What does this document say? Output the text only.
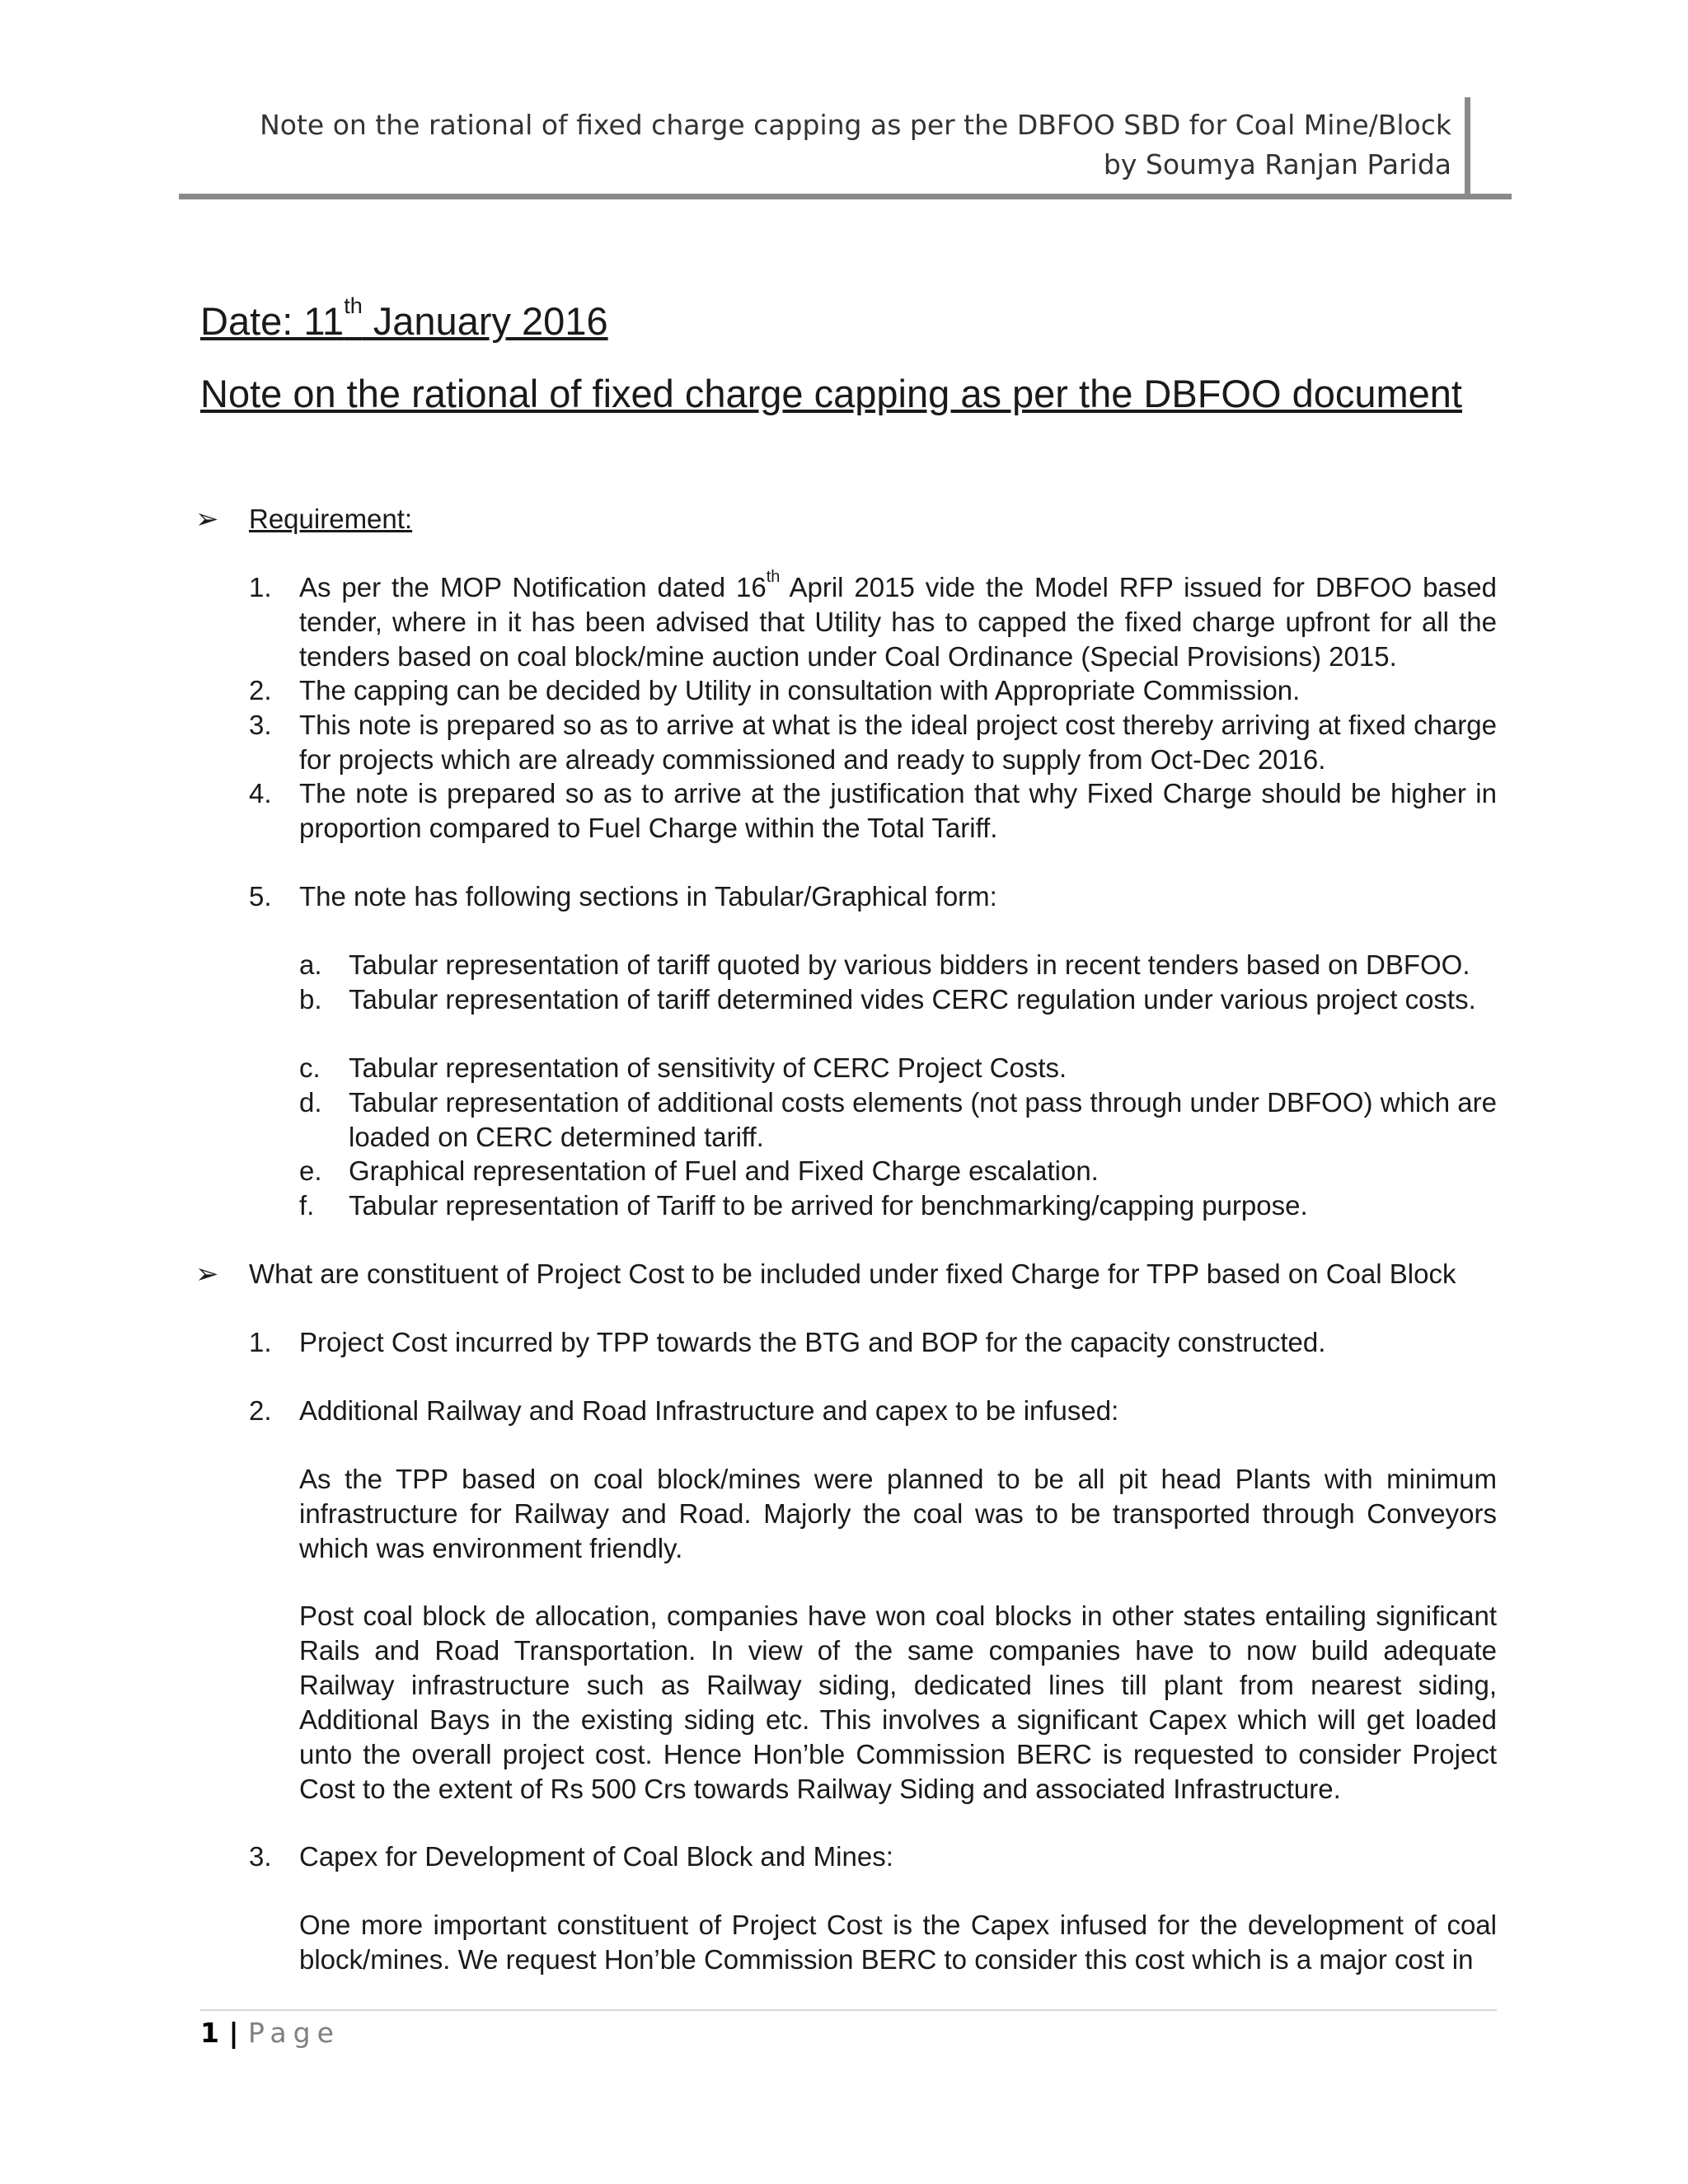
Note on the rational of fixed charge capping as per the DBFOO SBD for Coal Mine/Block
by Soumya Ranjan Parida
Date: 11th January 2016
Note on the rational of fixed charge capping as per the DBFOO document
➢ Requirement:
1. As per the MOP Notification dated 16th April 2015 vide the Model RFP issued for DBFOO based tender, where in it has been advised that Utility has to capped the fixed charge upfront for all the tenders based on coal block/mine auction under Coal Ordinance (Special Provisions) 2015.
2. The capping can be decided by Utility in consultation with Appropriate Commission.
3. This note is prepared so as to arrive at what is the ideal project cost thereby arriving at fixed charge for projects which are already commissioned and ready to supply from Oct-Dec 2016.
4. The note is prepared so as to arrive at the justification that why Fixed Charge should be higher in proportion compared to Fuel Charge within the Total Tariff.
5. The note has following sections in Tabular/Graphical form:
a. Tabular representation of tariff quoted by various bidders in recent tenders based on DBFOO.
b. Tabular representation of tariff determined vides CERC regulation under various project costs.
c. Tabular representation of sensitivity of CERC Project Costs.
d. Tabular representation of additional costs elements (not pass through under DBFOO) which are loaded on CERC determined tariff.
e. Graphical representation of Fuel and Fixed Charge escalation.
f. Tabular representation of Tariff to be arrived for benchmarking/capping purpose.
➢ What are constituent of Project Cost to be included under fixed Charge for TPP based on Coal Block
1. Project Cost incurred by TPP towards the BTG and BOP for the capacity constructed.
2. Additional Railway and Road Infrastructure and capex to be infused:
As the TPP based on coal block/mines were planned to be all pit head Plants with minimum infrastructure for Railway and Road. Majorly the coal was to be transported through Conveyors which was environment friendly.
Post coal block de allocation, companies have won coal blocks in other states entailing significant Rails and Road Transportation. In view of the same companies have to now build adequate Railway infrastructure such as Railway siding, dedicated lines till plant from nearest siding, Additional Bays in the existing siding etc. This involves a significant Capex which will get loaded unto the overall project cost. Hence Hon’ble Commission BERC is requested to consider Project Cost to the extent of Rs 500 Crs towards Railway Siding and associated Infrastructure.
3. Capex for Development of Coal Block and Mines:
One more important constituent of Project Cost is the Capex infused for the development of coal block/mines. We request Hon’ble Commission BERC to consider this cost which is a major cost in
1 | Page
